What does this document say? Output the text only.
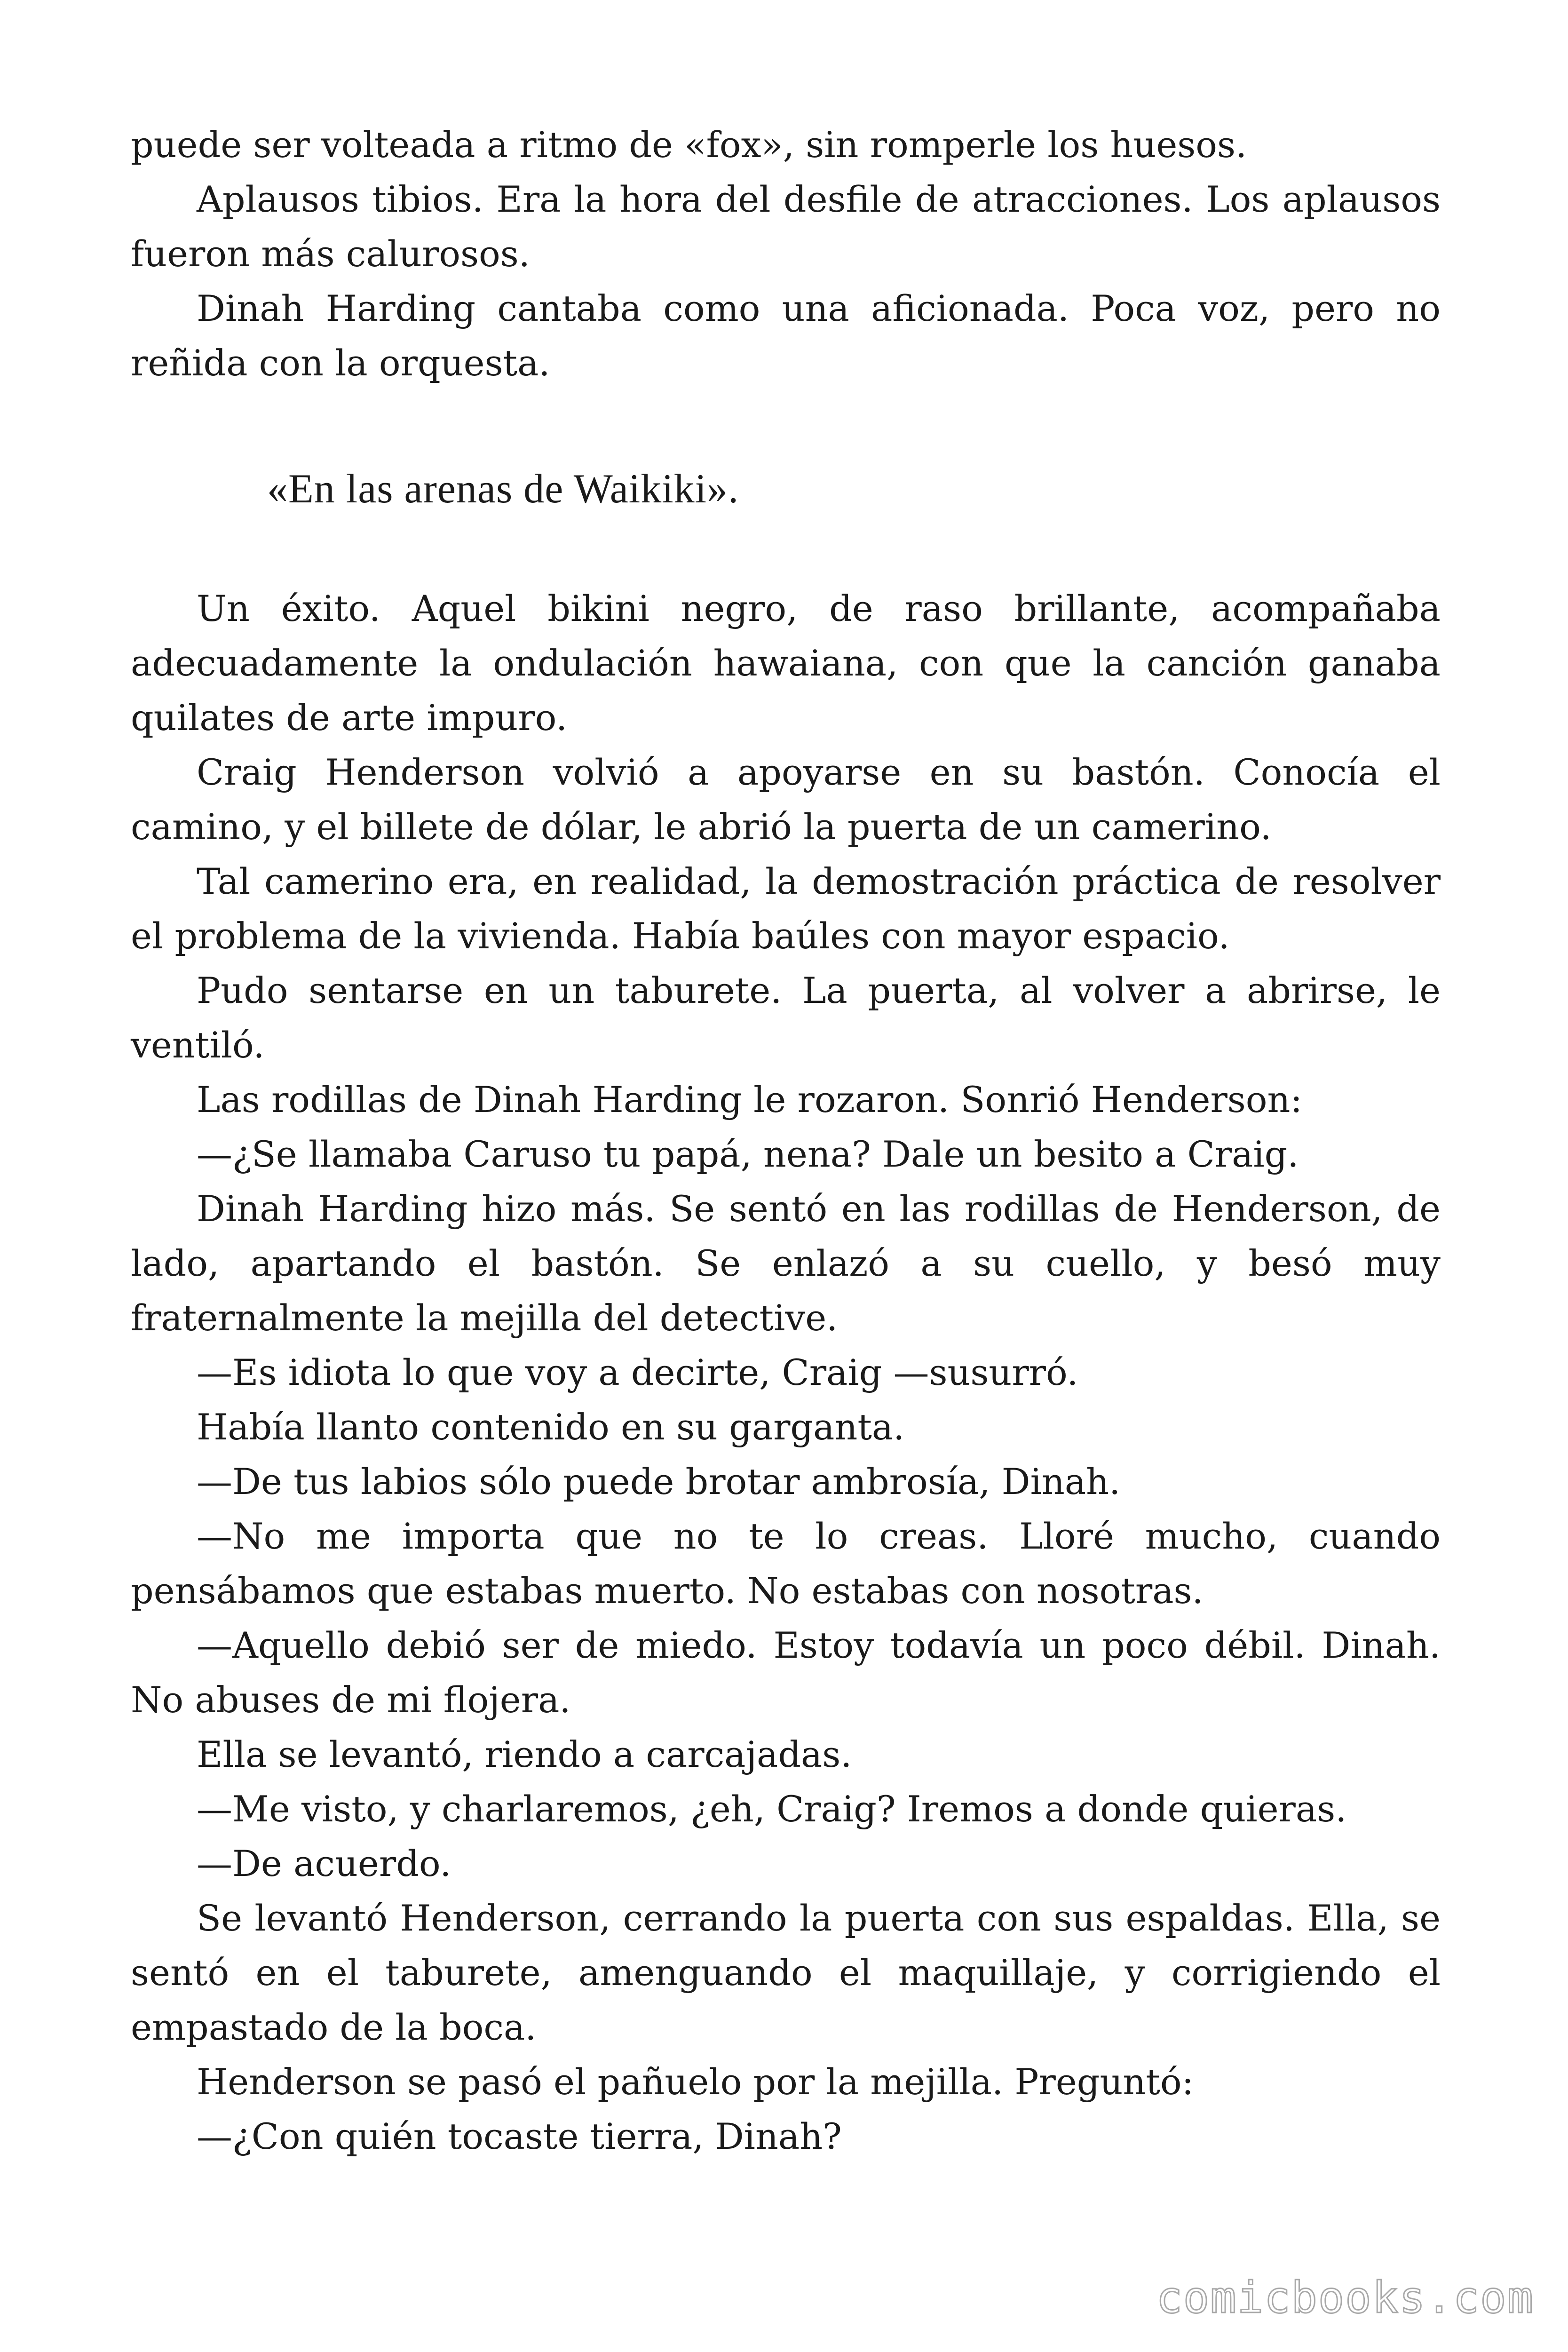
puede ser volteada a ritmo de «fox», sin romperle los huesos.

Aplausos tibios. Era la hora del desfile de atracciones. Los aplausos fueron más calurosos.

Dinah Harding cantaba como una aficionada. Poca voz, pero no reñida con la orquesta.

«En las arenas de Waikiki».

Un éxito. Aquel bikini negro, de raso brillante, acompañaba adecuadamente la ondulación hawaiana, con que la canción ganaba quilates de arte impuro.

Craig Henderson volvió a apoyarse en su bastón. Conocía el camino, y el billete de dólar, le abrió la puerta de un camerino.

Tal camerino era, en realidad, la demostración práctica de resolver el problema de la vivienda. Había baúles con mayor espacio.

Pudo sentarse en un taburete. La puerta, al volver a abrirse, le ventiló.

Las rodillas de Dinah Harding le rozaron. Sonrió Henderson:

—¿Se llamaba Caruso tu papá, nena? Dale un besito a Craig.

Dinah Harding hizo más. Se sentó en las rodillas de Henderson, de lado, apartando el bastón. Se enlazó a su cuello, y besó muy fraternalmente la mejilla del detective.

—Es idiota lo que voy a decirte, Craig —susurró.

Había llanto contenido en su garganta.

—De tus labios sólo puede brotar ambrosía, Dinah.

—No me importa que no te lo creas. Lloré mucho, cuando pensábamos que estabas muerto. No estabas con nosotras.

—Aquello debió ser de miedo. Estoy todavía un poco débil. Dinah. No abuses de mi flojera.

Ella se levantó, riendo a carcajadas.

—Me visto, y charlaremos, ¿eh, Craig? Iremos a donde quieras.

—De acuerdo.

Se levantó Henderson, cerrando la puerta con sus espaldas. Ella, se sentó en el taburete, amenguando el maquillaje, y corrigiendo el empastado de la boca.

Henderson se pasó el pañuelo por la mejilla. Preguntó:

—¿Con quién tocaste tierra, Dinah?

comicbooks.com
